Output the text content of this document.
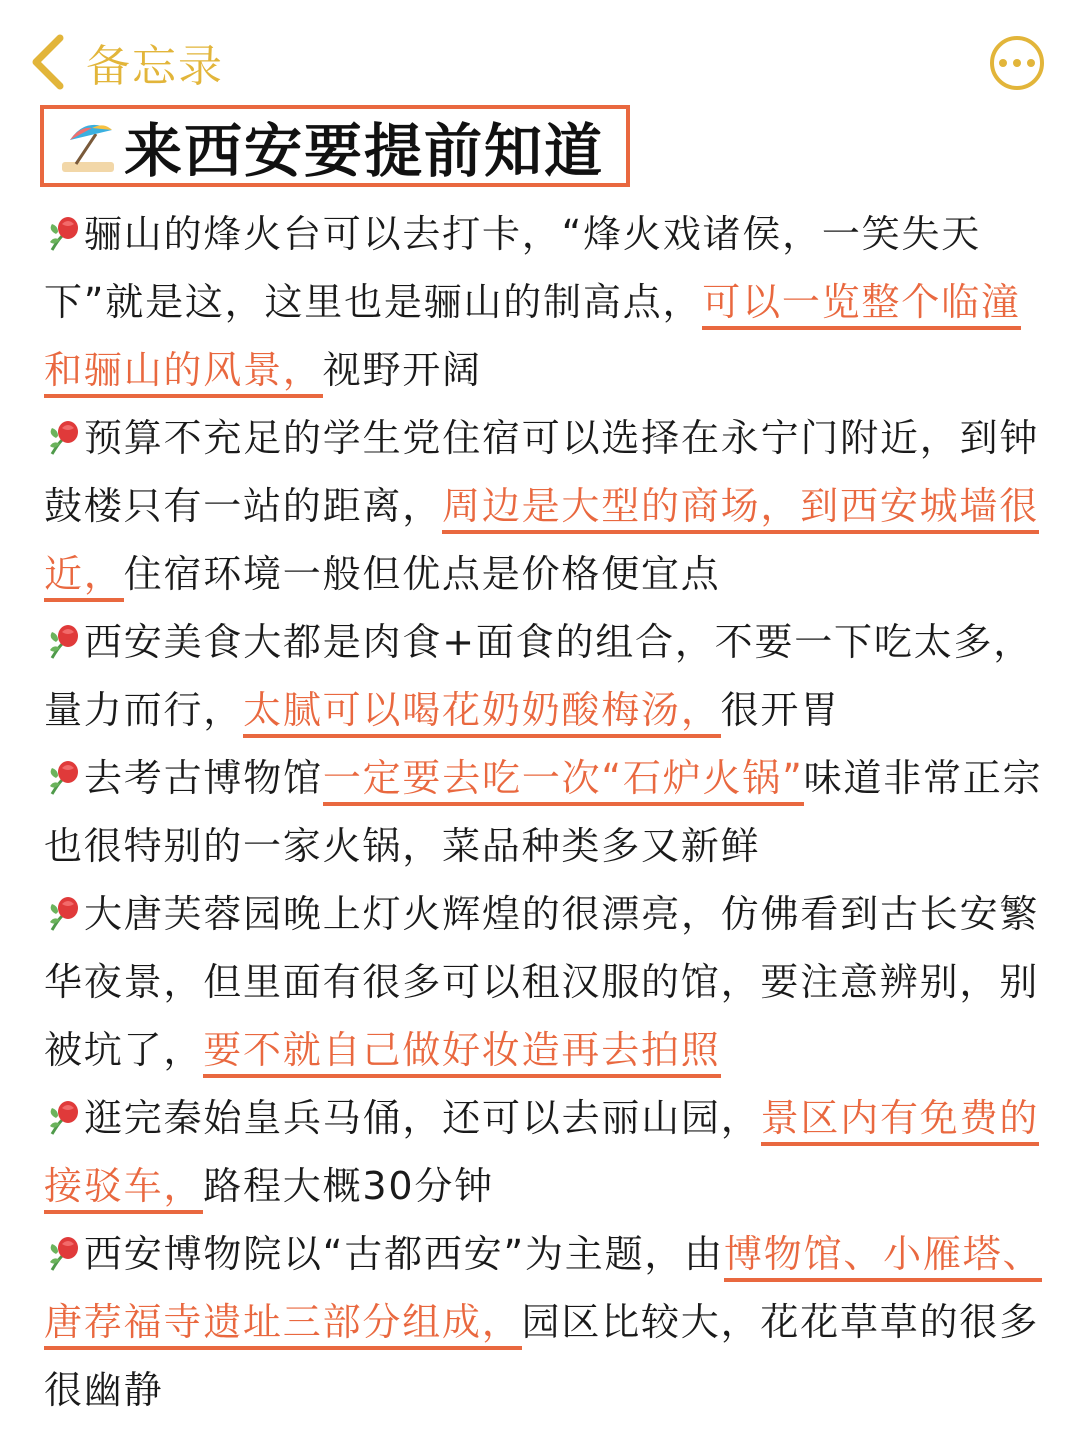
备忘录
来西安要提前知道

骊山的烽火台可以去打卡，“烽火戏诸侯，一笑失天下”就是这，这里也是骊山的制高点，可以一览整个临潼和骊山的风景，视野开阔

预算不充足的学生党住宿可以选择在永宁门附近，到钟鼓楼只有一站的距离，周边是大型的商场，到西安城墙很近，住宿环境一般但优点是价格便宜点

西安美食大都是肉食+面食的组合，不要一下吃太多，量力而行，太腻可以喝花奶奶酸梅汤，很开胃

去考古博物馆一定要去吃一次“石炉火锅”味道非常正宗也很特别的一家火锅，菜品种类多又新鲜

大唐芙蓉园晚上灯火辉煌的很漂亮，仿佛看到古长安繁华夜景，但里面有很多可以租汉服的馆，要注意辨别，别被坑了，要不就自己做好妆造再去拍照

逛完秦始皇兵马俑，还可以去丽山园，景区内有免费的接驳车，路程大概30分钟

西安博物院以“古都西安”为主题，由博物馆、小雁塔、唐荐福寺遗址三部分组成，园区比较大，花花草草的很多很幽静
